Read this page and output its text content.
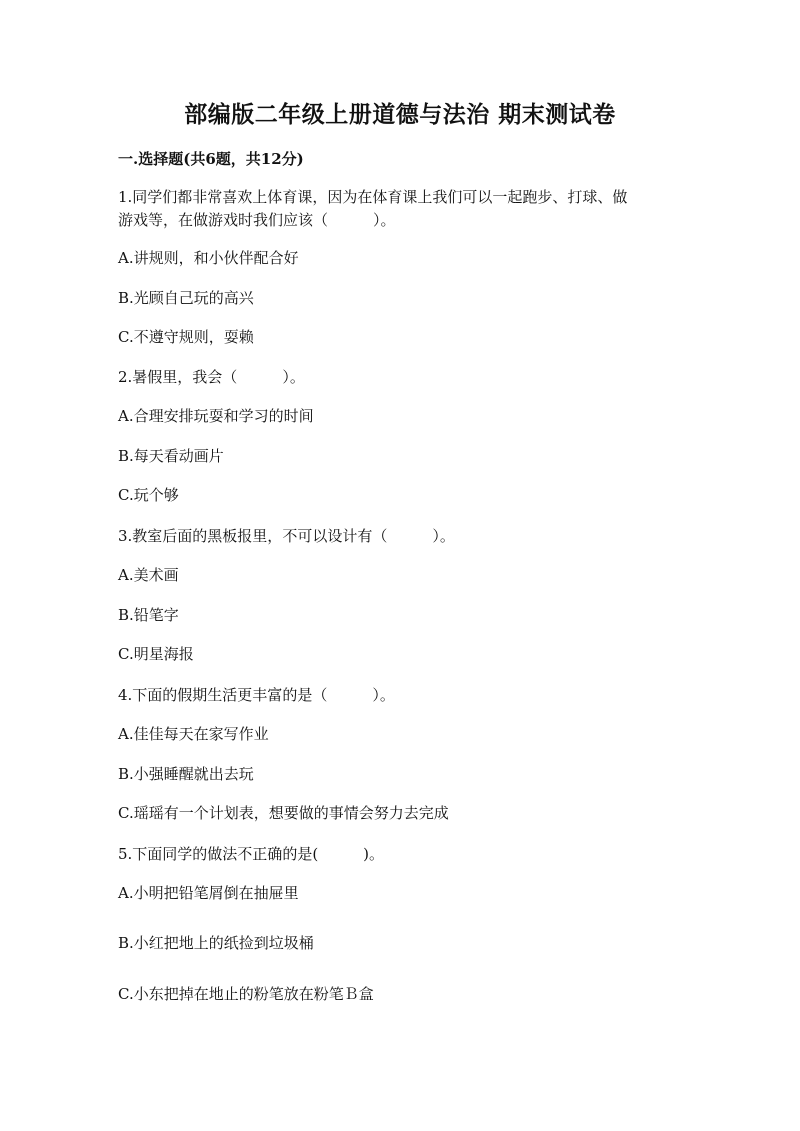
部编版二年级上册道德与法治 期末测试卷
一.选择题(共6题，共12分)
1.同学们都非常喜欢上体育课，因为在体育课上我们可以一起跑步、打球、做
游戏等，在做游戏时我们应该（　　　）。
A.讲规则，和小伙伴配合好
B.光顾自己玩的高兴
C.不遵守规则，耍赖
2.暑假里，我会（　　　）。
A.合理安排玩耍和学习的时间
B.每天看动画片
C.玩个够
3.教室后面的黑板报里，不可以设计有（　　　）。
A.美术画
B.铅笔字
C.明星海报
4.下面的假期生活更丰富的是（　　　）。
A.佳佳每天在家写作业
B.小强睡醒就出去玩
C.瑶瑶有一个计划表，想要做的事情会努力去完成
5.下面同学的做法不正确的是(　　　)。
A.小明把铅笔屑倒在抽屉里
B.小红把地上的纸捡到垃圾桶
C.小东把掉在地止的粉笔放在粉笔Ｂ盒
